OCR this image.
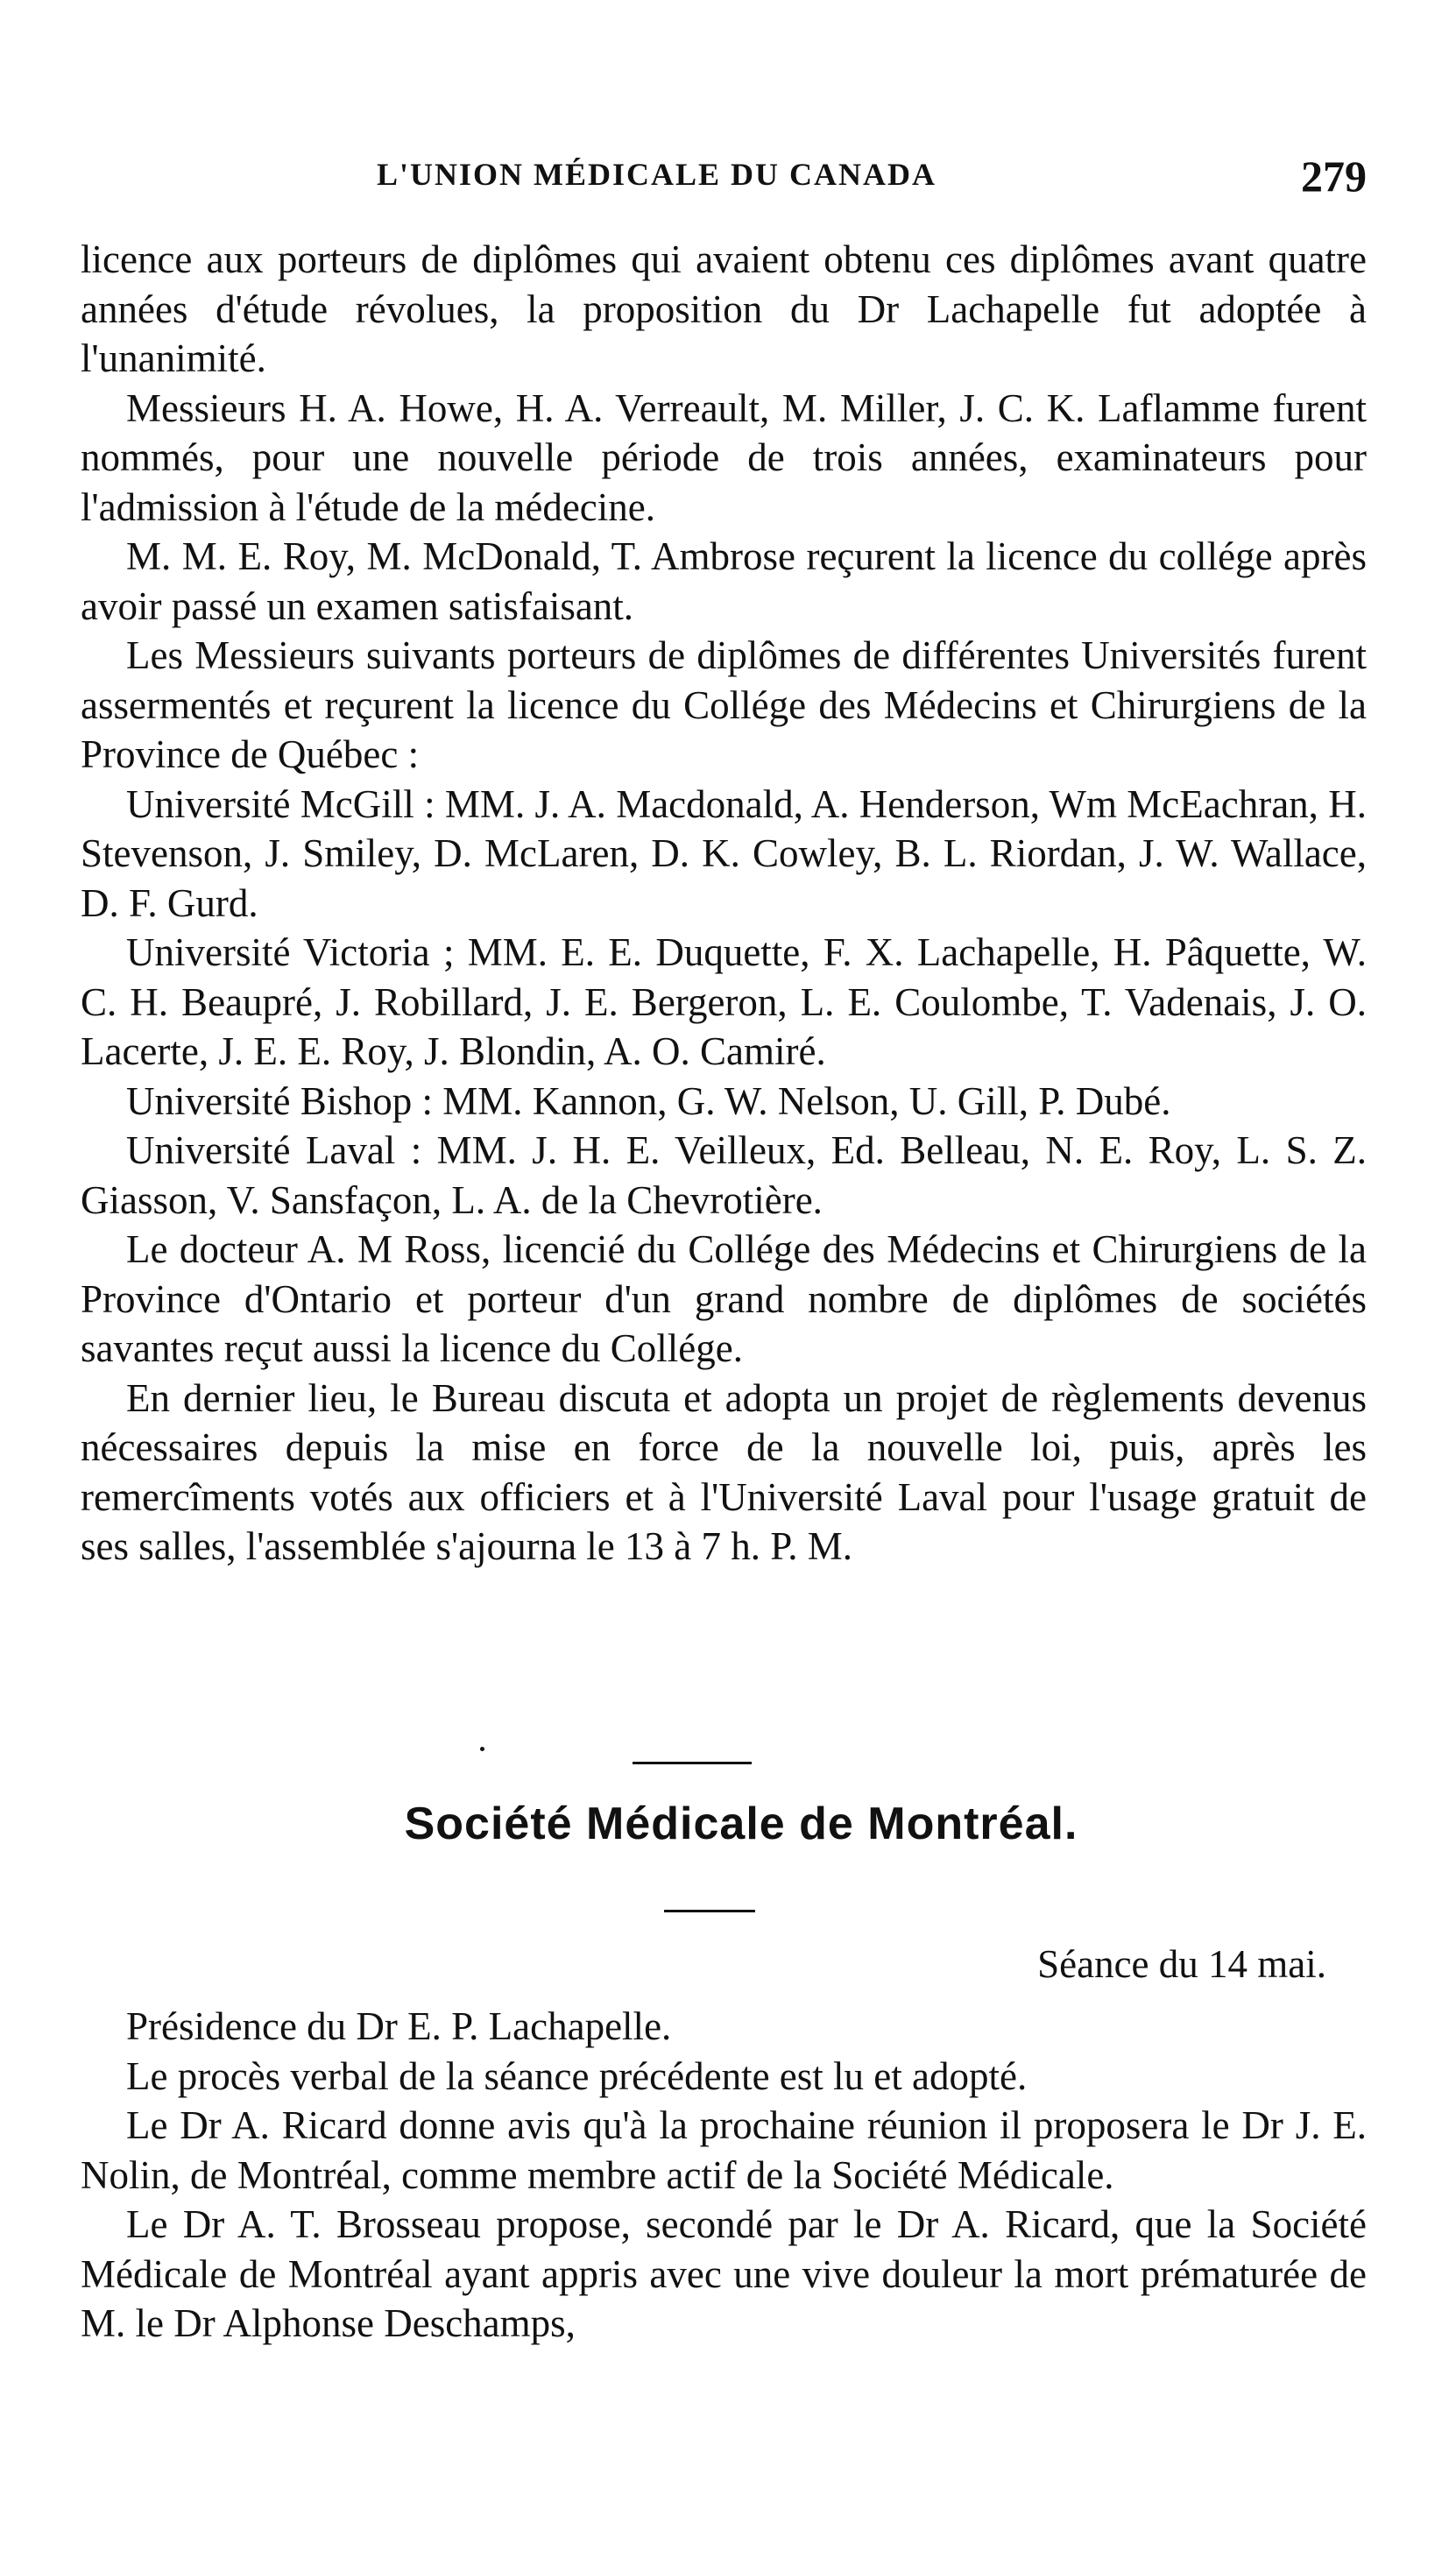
L'UNION MÉDICALE DU CANADA	279

licence aux porteurs de diplômes qui avaient obtenu ces diplômes avant quatre années d'étude révolues, la proposition du Dr Lachapelle fut adoptée à l'unanimité.

Messieurs H. A. Howe, H. A. Verreault, M. Miller, J. C. K. Laflamme furent nommés, pour une nouvelle période de trois années, examinateurs pour l'admission à l'étude de la médecine.

M. M. E. Roy, M. McDonald, T. Ambrose reçurent la licence du collége après avoir passé un examen satisfaisant.

Les Messieurs suivants porteurs de diplômes de différentes Universités furent assermentés et reçurent la licence du Collége des Médecins et Chirurgiens de la Province de Québec :

Université McGill : MM. J. A. Macdonald, A. Henderson, Wm McEachran, H. Stevenson, J. Smiley, D. McLaren, D. K. Cowley, B. L. Riordan, J. W. Wallace, D. F. Gurd.

Université Victoria ; MM. E. E. Duquette, F. X. Lachapelle, H. Pâquette, W. C. H. Beaupré, J. Robillard, J. E. Bergeron, L. E. Coulombe, T. Vadenais, J. O. Lacerte, J. E. E. Roy, J. Blondin, A. O. Camiré.

Université Bishop : MM. Kannon, G. W. Nelson, U. Gill, P. Dubé.

Université Laval : MM. J. H. E. Veilleux, Ed. Belleau, N. E. Roy, L. S. Z. Giasson, V. Sansfaçon, L. A. de la Chevrotière.

Le docteur A. M Ross, licencié du Collége des Médecins et Chirurgiens de la Province d'Ontario et porteur d'un grand nombre de diplômes de sociétés savantes reçut aussi la licence du Collége.

En dernier lieu, le Bureau discuta et adopta un projet de règlements devenus nécessaires depuis la mise en force de la nouvelle loi, puis, après les remercîments votés aux officiers et à l'Université Laval pour l'usage gratuit de ses salles, l'assemblée s'ajourna le 13 à 7 h. P. M.

Société Médicale de Montréal.
Séance du 14 mai.

Présidence du Dr E. P. Lachapelle.

Le procès verbal de la séance précédente est lu et adopté.

Le Dr A. Ricard donne avis qu'à la prochaine réunion il proposera le Dr J. E. Nolin, de Montréal, comme membre actif de la Société Médicale.

Le Dr A. T. Brosseau propose, secondé par le Dr A. Ricard, que la Société Médicale de Montréal ayant appris avec une vive douleur la mort prématurée de M. le Dr Alphonse Deschamps,
